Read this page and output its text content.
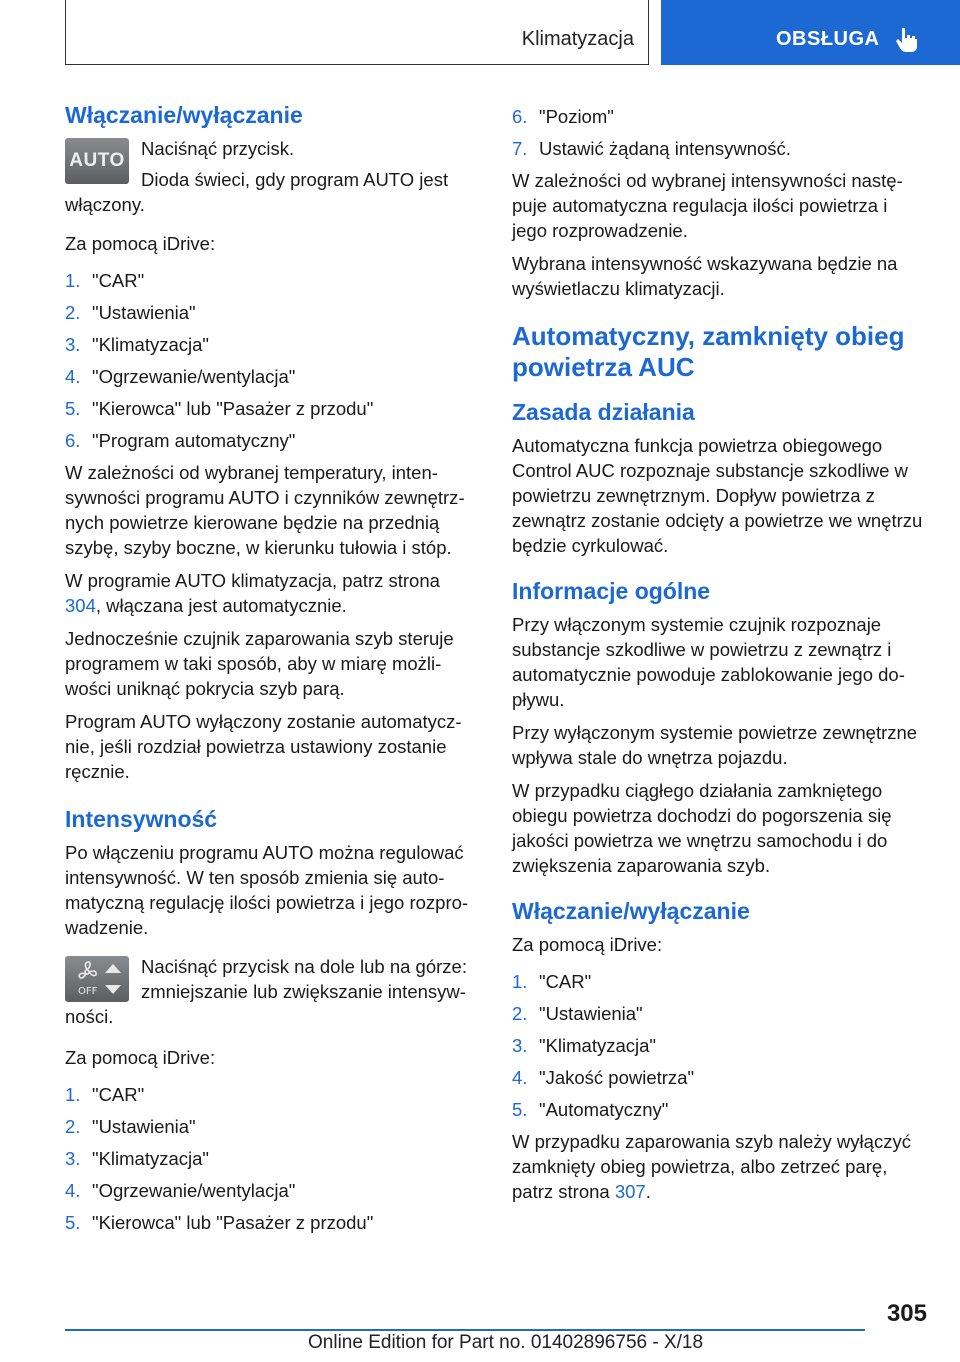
Klimatyzacja	OBSŁUGA
Włączanie/wyłączanie
AUTO

Naciśnąć przycisk.

Dioda świeci, gdy program AUTO jest włączony.

Za pomocą iDrive:

1. "CAR"
2. "Ustawienia"
3. "Klimatyzacja"
4. "Ogrzewanie/wentylacja"
5. "Kierowca" lub "Pasażer z przodu"
6. "Program automatyczny"

W zależności od wybranej temperatury, intensywności programu AUTO i czynników zewnętrznych powietrze kierowane będzie na przednią szybę, szyby boczne, w kierunku tułowia i stóp.

W programie AUTO klimatyzacja, patrz strona 304, włączana jest automatycznie.

Jednocześnie czujnik zaparowania szyb steruje programem w taki sposób, aby w miarę możliwości uniknąć pokrycia szyb parą.

Program AUTO wyłączony zostanie automatycznie, jeśli rozdział powietrza ustawiony zostanie ręcznie.

Intensywność

Po włączeniu programu AUTO można regulować intensywność. W ten sposób zmienia się automatyczną regulację ilości powietrza i jego rozprowadzenie.

OFF

Naciśnąć przycisk na dole lub na górze: zmniejszanie lub zwiększanie intensywności.

Za pomocą iDrive:

1. "CAR"
2. "Ustawienia"
3. "Klimatyzacja"
4. "Ogrzewanie/wentylacja"
5. "Kierowca" lub "Pasażer z przodu"
6. "Poziom"
7. Ustawić żądaną intensywność.

W zależności od wybranej intensywności następuje automatyczna regulacja ilości powietrza i jego rozprowadzenie.

Wybrana intensywność wskazywana będzie na wyświetlaczu klimatyzacji.

Automatyczny, zamknięty obieg powietrza AUC
Zasada działania

Automatyczna funkcja powietrza obiegowego Control AUC rozpoznaje substancje szkodliwe w powietrzu zewnętrznym. Dopływ powietrza z zewnątrz zostanie odcięty a powietrze we wnętrzu będzie cyrkulować.

Informacje ogólne

Przy włączonym systemie czujnik rozpoznaje substancje szkodliwe w powietrzu z zewnątrz i automatycznie powoduje zablokowanie jego dopływu.

Przy wyłączonym systemie powietrze zewnętrzne wpływa stale do wnętrza pojazdu.

W przypadku ciągłego działania zamkniętego obiegu powietrza dochodzi do pogorszenia się jakości powietrza we wnętrzu samochodu i do zwiększenia zaparowania szyb.

Włączanie/wyłączanie

Za pomocą iDrive:

1. "CAR"
2. "Ustawienia"
3. "Klimatyzacja"
4. "Jakość powietrza"
5. "Automatyczny"

W przypadku zaparowania szyb należy wyłączyć zamknięty obieg powietrza, albo zetrzeć parę, patrz strona 307.

305
Online Edition for Part no. 01402896756 - X/18
